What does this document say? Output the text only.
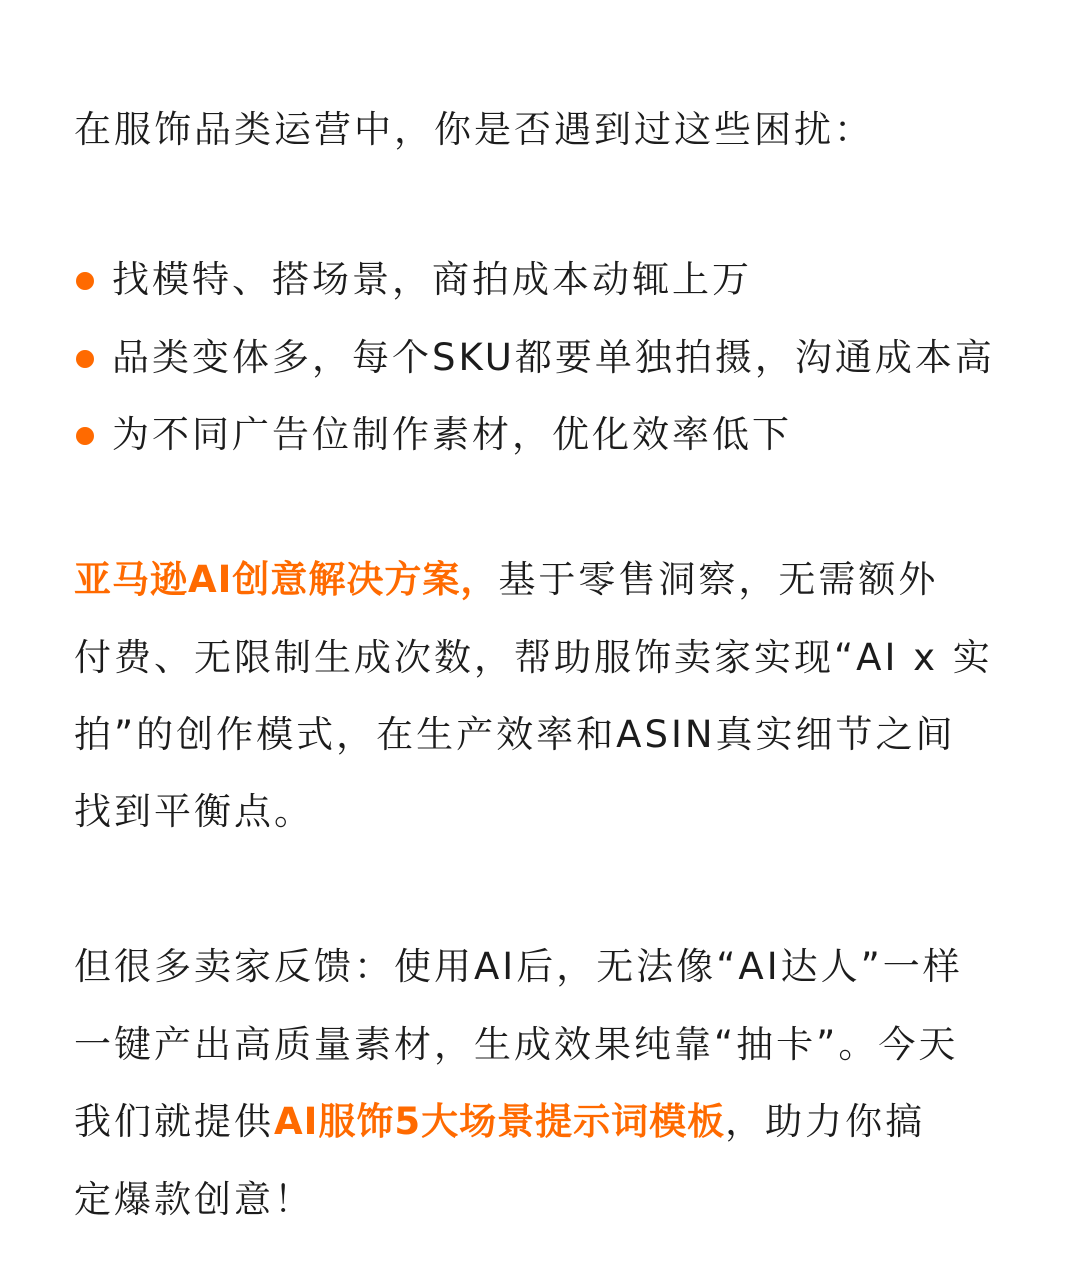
在服饰品类运营中，你是否遇到过这些困扰：
找模特、搭场景，商拍成本动辄上万
品类变体多，每个SKU都要单独拍摄，沟通成本高
为不同广告位制作素材，优化效率低下
亚马逊AI创意解决方案，基于零售洞察，无需额外
付费、无限制生成次数，帮助服饰卖家实现“AI x 实
拍”的创作模式，在生产效率和ASIN真实细节之间
找到平衡点。
但很多卖家反馈：使用AI后，无法像“AI达人”一样
一键产出高质量素材，生成效果纯靠“抽卡”。今天
我们就提供AI服饰5大场景提示词模板，助力你搞
定爆款创意！
